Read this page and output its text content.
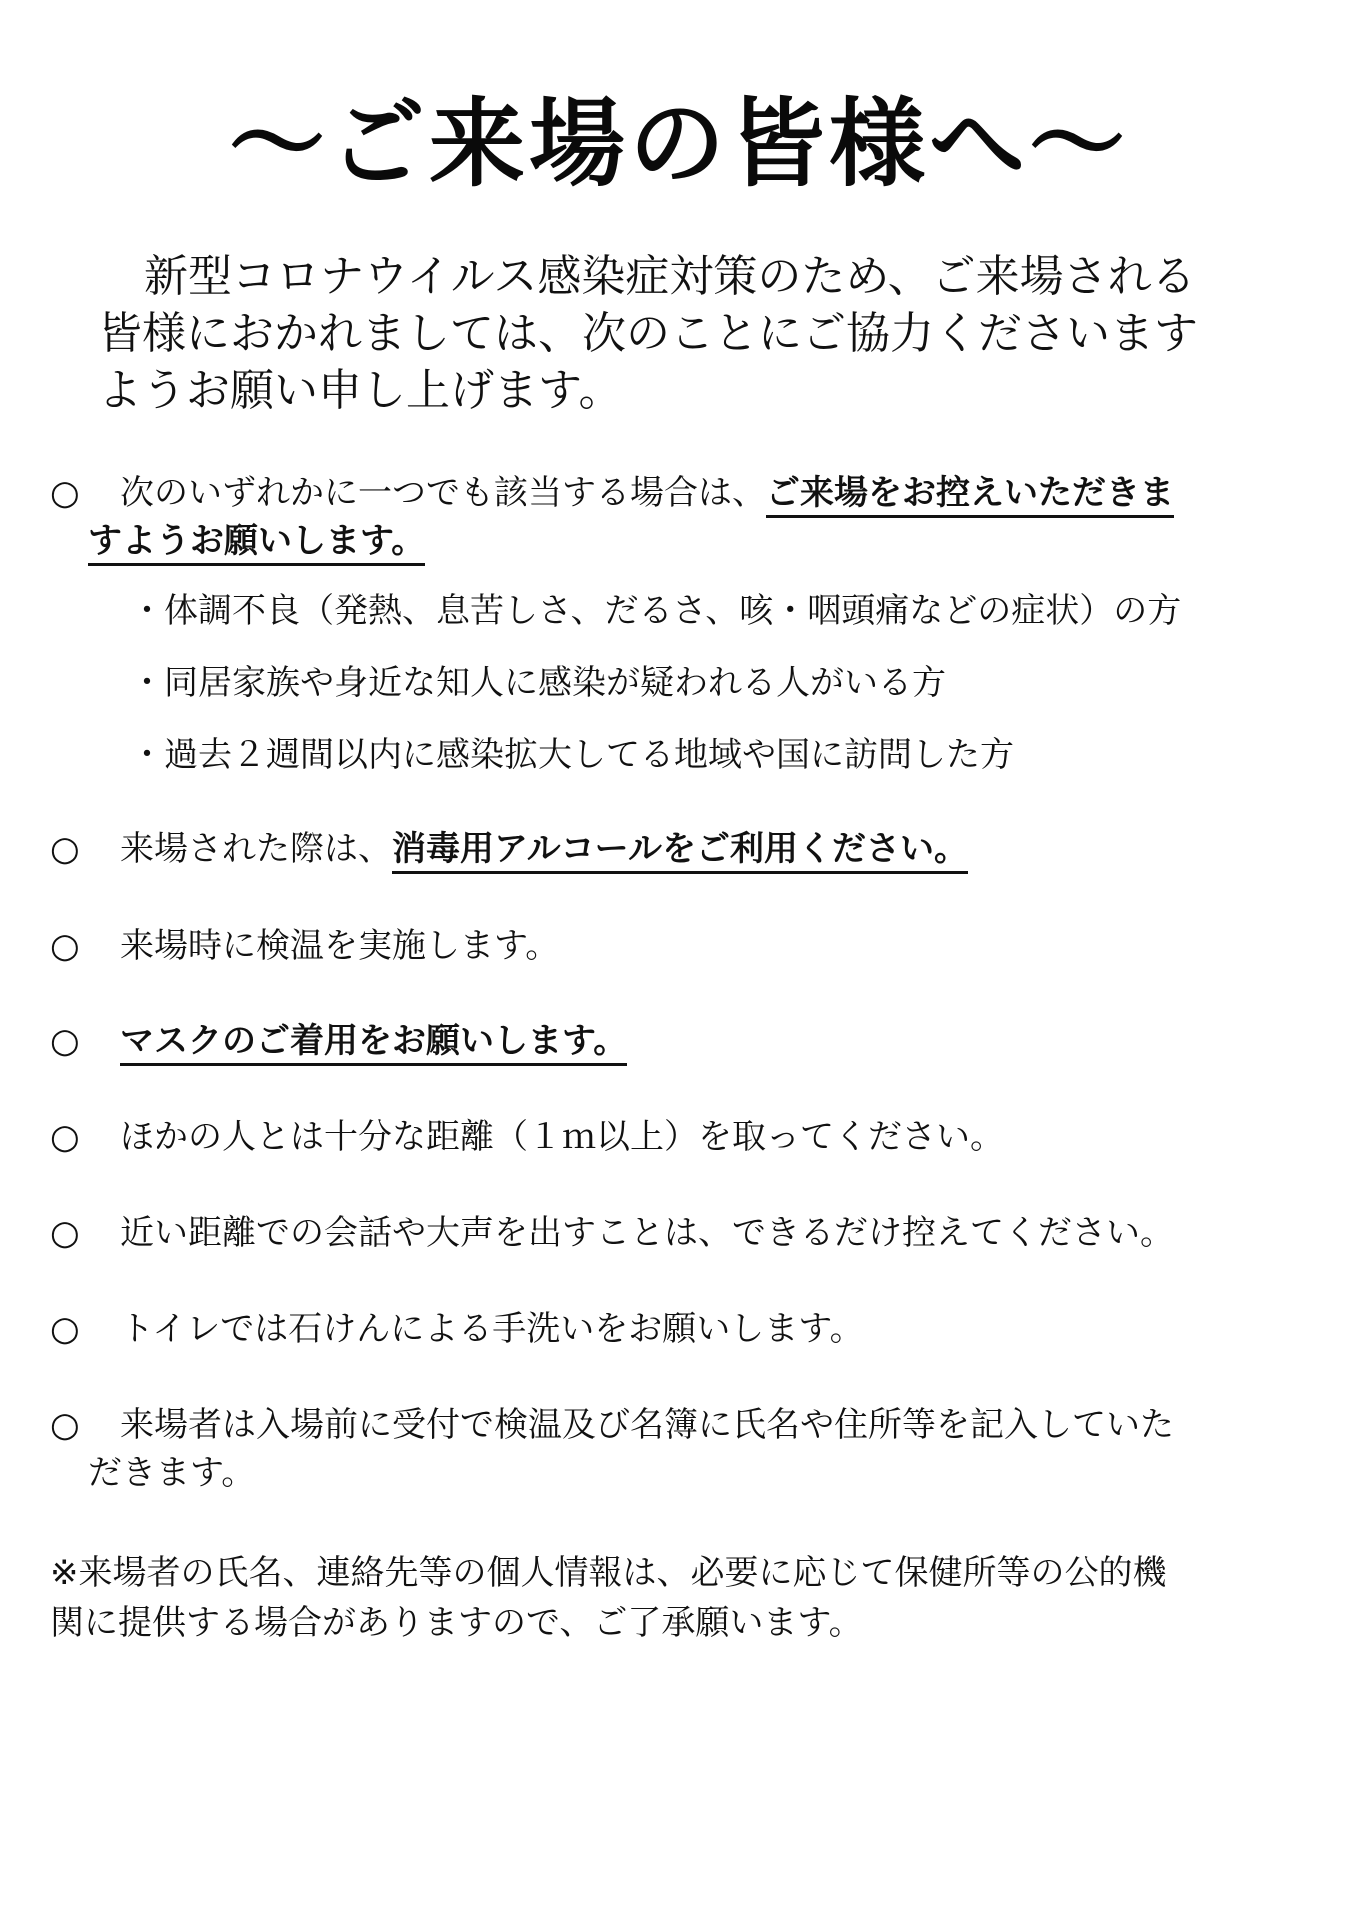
～ご来場の皆様へ～
新型コロナウイルス感染症対策のため、ご来場される
皆様におかれましては、次のことにご協力くださいます
ようお願い申し上げます。
○ 次のいずれかに一つでも該当する場合は、ご来場をお控えいただきま
すようお願いします。
・体調不良（発熱、息苦しさ、だるさ、咳・咽頭痛などの症状）の方
・同居家族や身近な知人に感染が疑われる人がいる方
・過去２週間以内に感染拡大してる地域や国に訪問した方
○ 来場された際は、消毒用アルコールをご利用ください。
○ 来場時に検温を実施します。
○ マスクのご着用をお願いします。
○ ほかの人とは十分な距離（１ｍ以上）を取ってください。
○ 近い距離での会話や大声を出すことは、できるだけ控えてください。
○ トイレでは石けんによる手洗いをお願いします。
○ 来場者は入場前に受付で検温及び名簿に氏名や住所等を記入していた
だきます。
※来場者の氏名、連絡先等の個人情報は、必要に応じて保健所等の公的機
関に提供する場合がありますので、ご了承願います。
